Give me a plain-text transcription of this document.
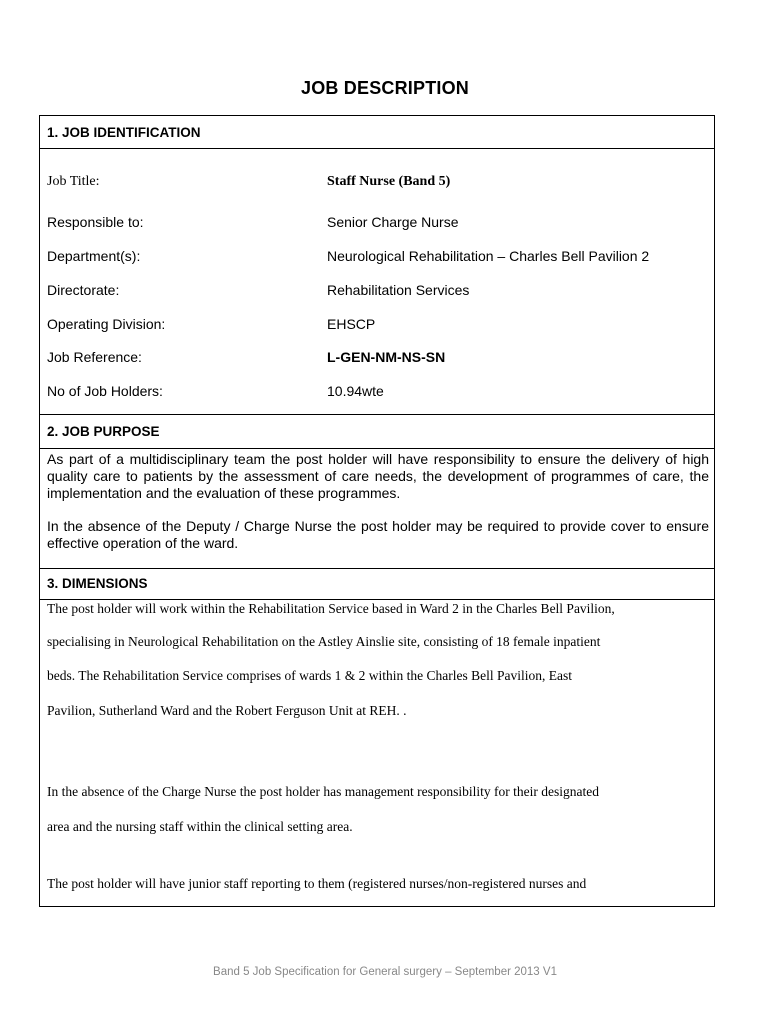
JOB DESCRIPTION
1. JOB IDENTIFICATION
Job Title:	Staff Nurse (Band 5)
Responsible to:	Senior Charge Nurse
Department(s):	Neurological Rehabilitation – Charles Bell Pavilion 2
Directorate:	Rehabilitation Services
Operating Division:	EHSCP
Job Reference:	L-GEN-NM-NS-SN
No of Job Holders:	10.94wte
2. JOB PURPOSE
As part of a multidisciplinary team the post holder will have responsibility to ensure the delivery of high quality care to patients by the assessment of care needs, the development of programmes of care, the implementation and the evaluation of these programmes.
In the absence of the Deputy / Charge Nurse the post holder may be required to provide cover to ensure effective operation of the ward.
3. DIMENSIONS
The post holder will work within the Rehabilitation Service based in Ward 2 in the Charles Bell Pavilion,
specialising in Neurological Rehabilitation on the Astley Ainslie site, consisting of 18 female inpatient
beds. The Rehabilitation Service comprises of wards 1 & 2 within the Charles Bell Pavilion, East
Pavilion, Sutherland Ward and the Robert Ferguson Unit at REH. .
In the absence of the Charge Nurse the post holder has management responsibility for their designated
area and the nursing staff within the clinical setting area.
The post holder will have junior staff reporting to them (registered nurses/non-registered nurses and
Band 5 Job Specification for General surgery – September 2013 V1
